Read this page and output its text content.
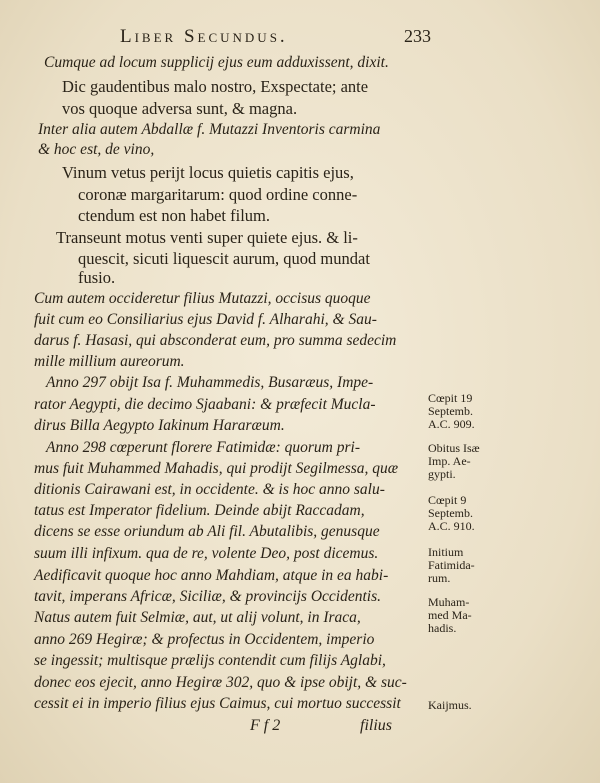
Liber Secundus.	233
Cumque ad locum supplicij ejus eum adduxissent, dixit.
Dic gaudentibus malo nostro, Exspectate; ante
vos quoque adversa sunt, & magna.
Inter alia autem Abdallæ f. Mutazzi Inventoris carmina
& hoc est, de vino,
Vinum vetus perijt locus quietis capitis ejus,
coronæ margaritarum: quod ordine conne-
ctendum est non habet filum.
Transeunt motus venti super quiete ejus. & li-
quescit, sicuti liquescit aurum, quod mundat
fusio.
Cum autem occideretur filius Mutazzi, occisus quoque
fuit cum eo Consiliarius ejus David f. Alharahi, & Sau-
darus f. Hasasi, qui absconderat eum, pro summa sedecim
mille millium aureorum.
Anno 297 obijt Isa f. Muhammedis, Busaræus, Impe-
rator Aegypti, die decimo Sjaabani: & præfecit Mucla-
dirus Billa Aegypto Iakinum Hararæum.
Anno 298 cœperunt florere Fatimidæ: quorum pri-
mus fuit Muhammed Mahadis, qui prodijt Segilmessa, quæ
ditionis Cairawani est, in occidente. & is hoc anno salu-
tatus est Imperator fidelium. Deinde abijt Raccadam,
dicens se esse oriundum ab Ali fil. Abutalibis, genusque
suum illi infixum. qua de re, volente Deo, post dicemus.
Aedificavit quoque hoc anno Mahdiam, atque in ea habi-
tavit, imperans Africæ, Siciliæ, & provincijs Occidentis.
Natus autem fuit Selmiæ, aut, ut alij volunt, in Iraca,
anno 269 Hegiræ; & profectus in Occidentem, imperio
se ingessit; multisque prælijs contendit cum filijs Aglabi,
donec eos ejecit, anno Hegiræ 302, quo & ipse obijt, & suc-
cessit ei in imperio filius ejus Caimus, cui mortuo successit
Cœpit 19
Septemb.
A.C. 909.
Obitus Isæ
Imp. Ae-
gypti.
Cœpit 9
Septemb.
A.C. 910.
Initium
Fatimida-
rum.
Muham-
med Ma-
hadis.
Kaijmus.
F f 2	filius
